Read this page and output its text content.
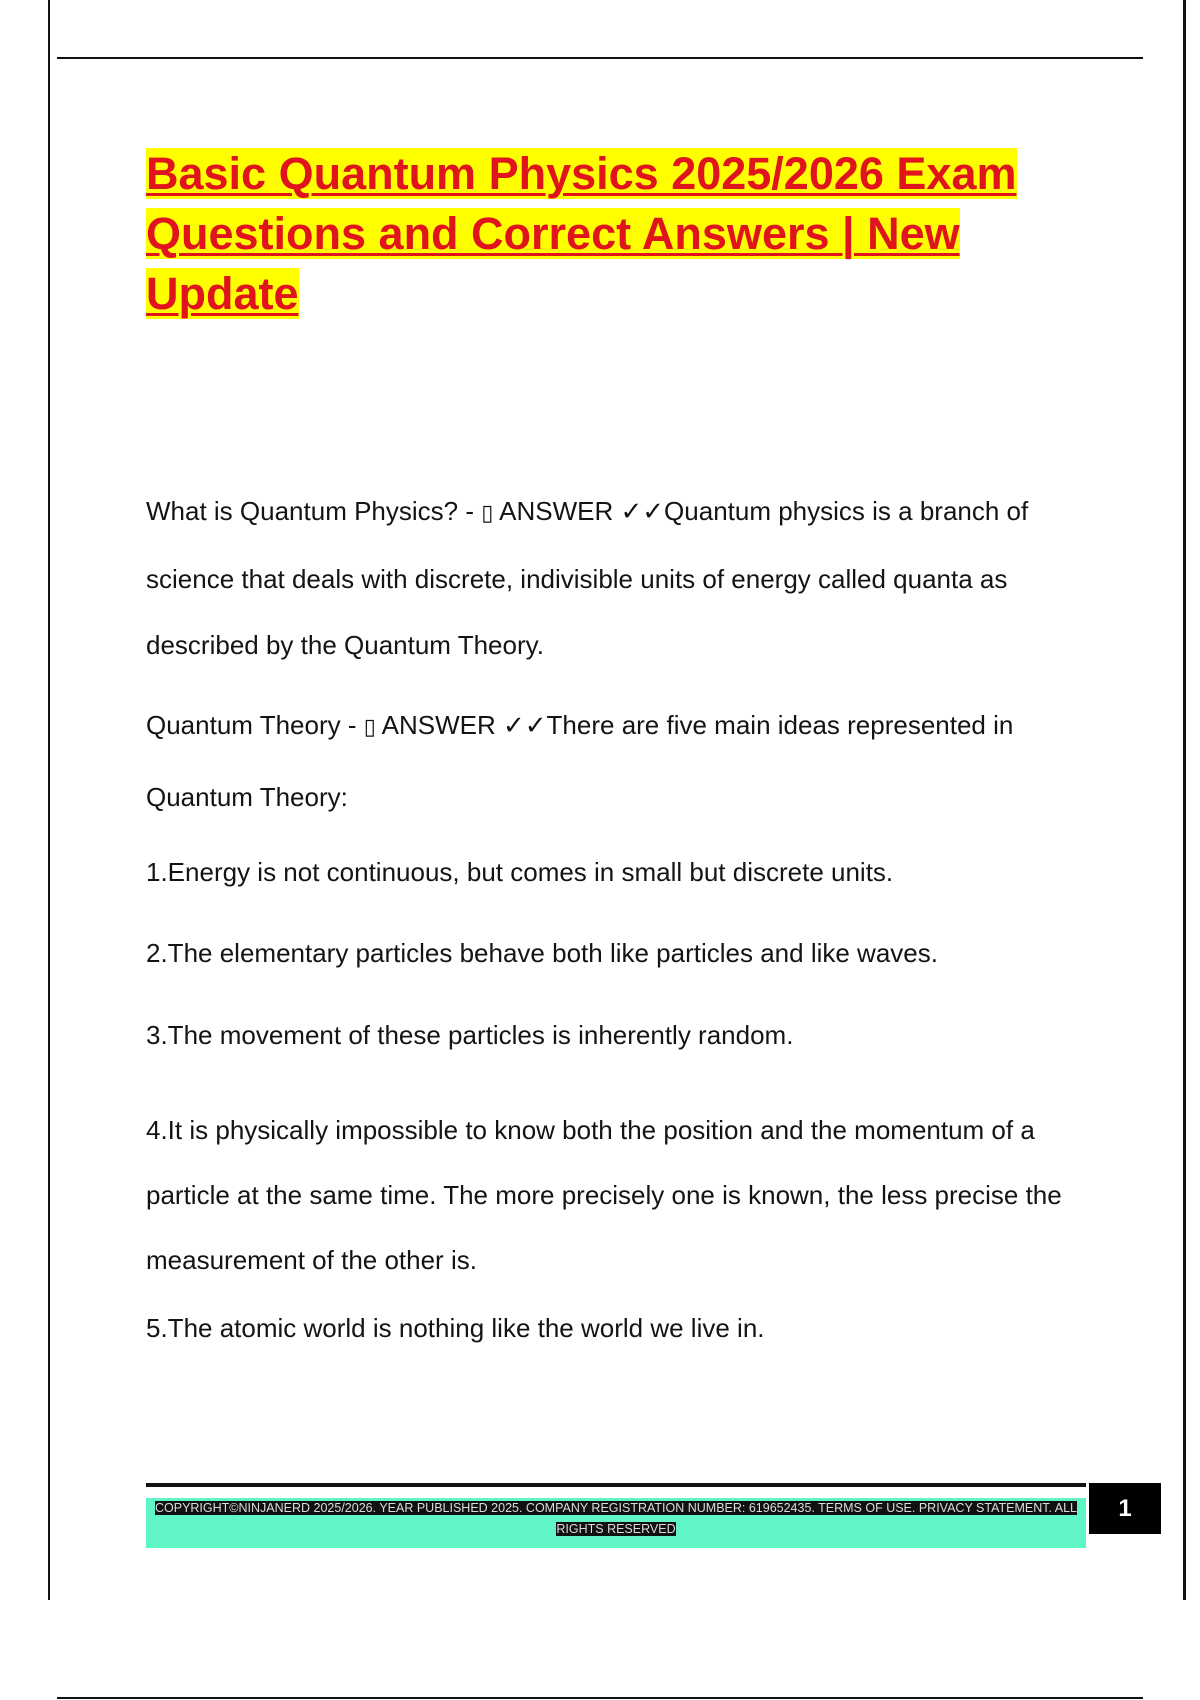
Basic Quantum Physics 2025/2026 Exam Questions and Correct Answers | New Update

What is Quantum Physics? - ▯ ANSWER ✓✓Quantum physics is a branch of science that deals with discrete, indivisible units of energy called quanta as described by the Quantum Theory.

Quantum Theory - ▯ ANSWER ✓✓There are five main ideas represented in Quantum Theory:

1.Energy is not continuous, but comes in small but discrete units.

2.The elementary particles behave both like particles and like waves.

3.The movement of these particles is inherently random.

4.It is physically impossible to know both the position and the momentum of a particle at the same time. The more precisely one is known, the less precise the measurement of the other is.

5.The atomic world is nothing like the world we live in.

COPYRIGHT©NINJANERD 2025/2026. YEAR PUBLISHED 2025. COMPANY REGISTRATION NUMBER: 619652435. TERMS OF USE. PRIVACY STATEMENT. ALL RIGHTS RESERVED
1
